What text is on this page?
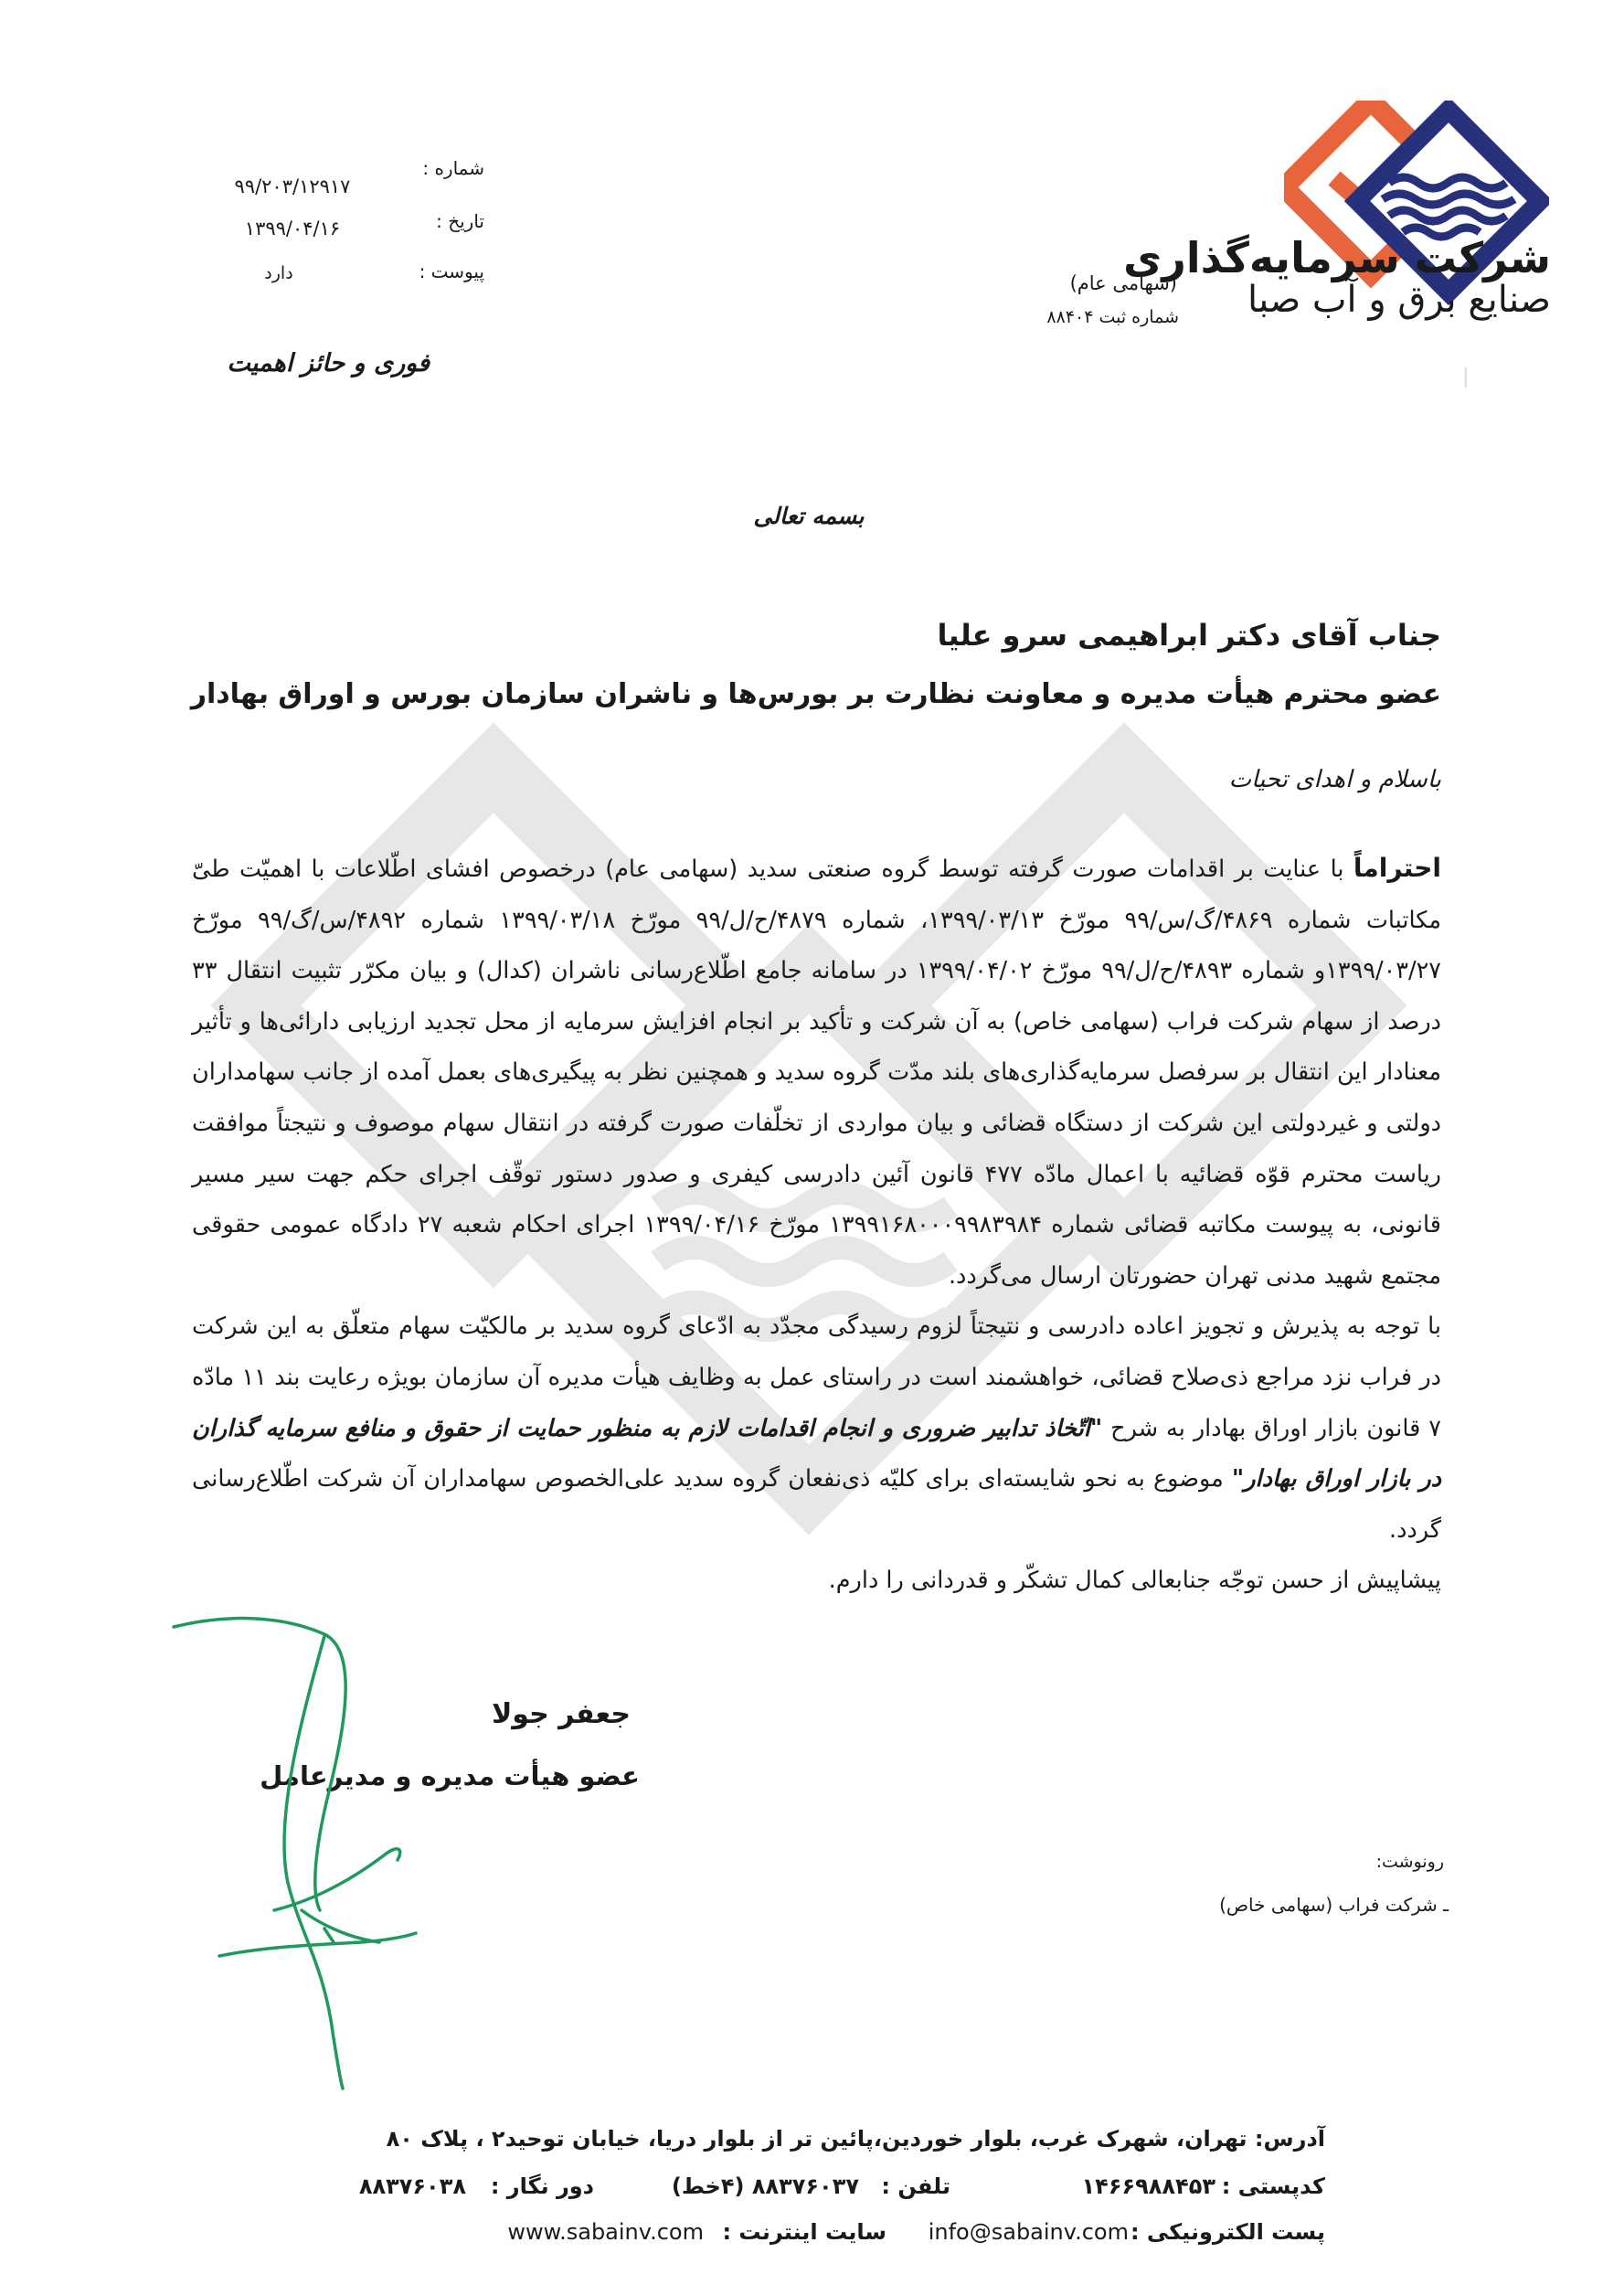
|
شرکت سرمایه‌گذاری
صنایع برق و آب صبا
(سهامی عام)
شماره ثبت ۸۸۴۰۴
شماره :
۹۹/۲۰۳/۱۲۹۱۷
تاریخ :
۱۳۹۹/۰۴/۱۶
پیوست :
دارد
فوری و حائز اهمیت
بسمه تعالی
جناب آقای دکتر ابراهیمی سرو علیا
عضو محترم هیأت مدیره و معاونت نظارت بر بورس‌ها و ناشران سازمان بورس و اوراق بهادار
باسلام و اهدای تحیات

احتراماً با عنایت بر اقدامات صورت گرفته توسط گروه صنعتی سدید (سهامی عام) درخصوص افشای اطّلاعات با اهمیّت طیّ مکاتبات شماره ۴۸۶۹/گ/س/۹۹ مورّخ ۱۳۹۹/۰۳/۱۳، شماره ۴۸۷۹/ح/ل/۹۹ مورّخ ۱۳۹۹/۰۳/۱۸ شماره ۴۸۹۲/س/گ/۹۹ مورّخ ۱۳۹۹/۰۳/۲۷و شماره ۴۸۹۳/ح/ل/۹۹ مورّخ ۱۳۹۹/۰۴/۰۲ در سامانه جامع اطّلاع‌رسانی ناشران (کدال) و بیان مکرّر تثبیت انتقال ۳۳ درصد از سهام شرکت فراب (سهامی خاص) به آن شرکت و تأکید بر انجام افزایش سرمایه از محل تجدید ارزیابی دارائی‌ها و تأثیر معنادار این انتقال بر سرفصل سرمایه‌گذاری‌های بلند مدّت گروه سدید و همچنین نظر به پیگیری‌های بعمل آمده از جانب سهامداران دولتی و غیردولتی این شرکت از دستگاه قضائی و بیان مواردی از تخلّفات صورت گرفته در انتقال سهام موصوف و نتیجتاً موافقت ریاست محترم قوّه قضائیه با اعمال مادّه ۴۷۷ قانون آئین دادرسی کیفری و صدور دستور توقّف اجرای حکم جهت سیر مسیر قانونی، به پیوست مکاتبه قضائی شماره ۱۳۹۹۱۶۸۰۰۰۹۹۸۳۹۸۴ مورّخ ۱۳۹۹/۰۴/۱۶ اجرای احکام شعبه ۲۷ دادگاه عمومی حقوقی مجتمع شهید مدنی تهران حضورتان ارسال می‌گردد.

با توجه به پذیرش و تجویز اعاده دادرسی و نتیجتاً لزوم رسیدگی مجدّد به ادّعای گروه سدید بر مالکیّت سهام متعلّق به این شرکت در فراب نزد مراجع ذی‌صلاح قضائی، خواهشمند است در راستای عمل به وظایف هیأت مدیره آن سازمان بویژه رعایت بند ۱۱ مادّه ۷ قانون بازار اوراق بهادار به شرح "اتّخاذ تدابیر ضروری و انجام اقدامات لازم به منظور حمایت از حقوق و منافع سرمایه گذاران در بازار اوراق بهادار" موضوع به نحو شایسته‌ای برای کلیّه ذی‌نفعان گروه سدید علی‌الخصوص سهامداران آن شرکت اطّلاع‌رسانی گردد.

پیشاپیش از حسن توجّه جنابعالی کمال تشکّر و قدردانی را دارم.

جعفر جولا
عضو هیأت مدیره و مدیرعامل
رونوشت:
ـ شرکت فراب (سهامی خاص)
آدرس: تهران، شهرک غرب، بلوار خوردین،پائین تر از بلوار دریا، خیابان توحید۲ ، پلاک ۸۰
کدپستی :
۱۴۶۶۹۸۸۴۵۳
تلفن :
۸۸۳۷۶۰۳۷ (۴خط)
دور نگار :
۸۸۳۷۶۰۳۸
پست الکترونیکی :
info@sabainv.com
سایت اینترنت :
www.sabainv.com
